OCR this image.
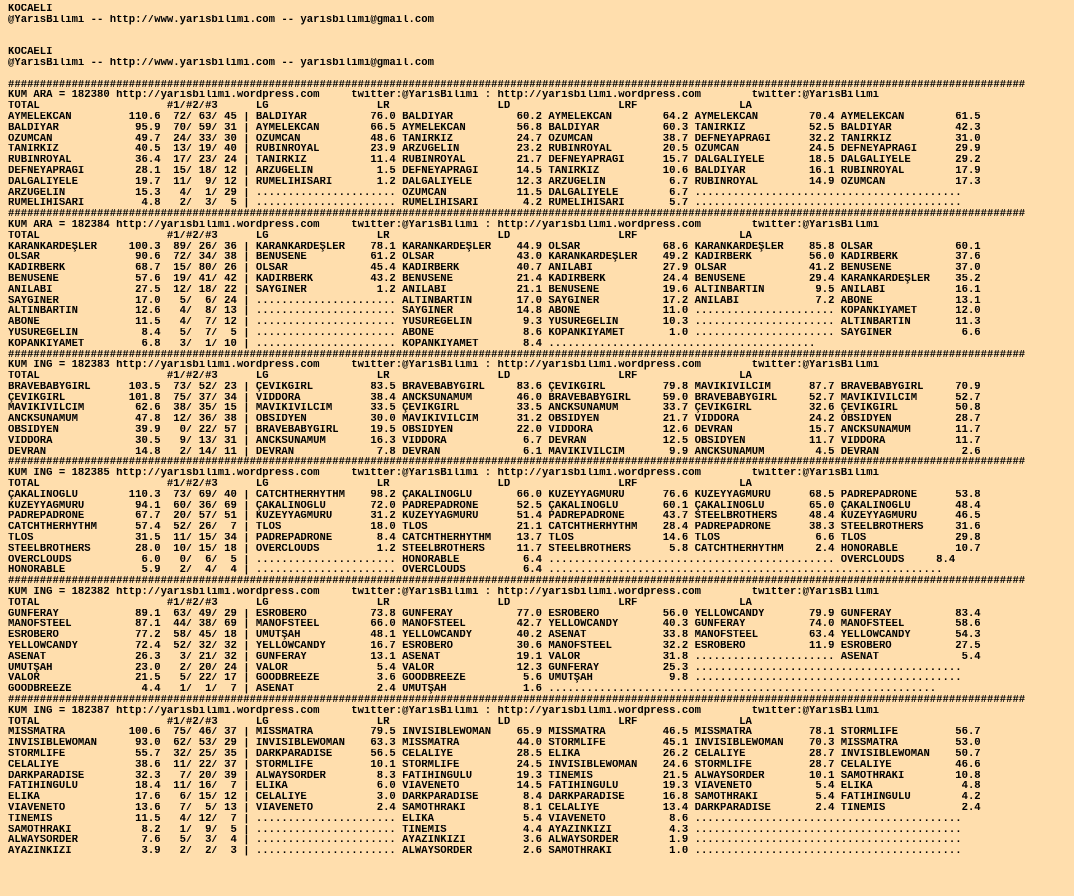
KOCAELI
@YarisBilimi -- http://www.yarisbilimi.com -- yarisbilimi@gmail.com
KOCAELI
@YarisBilimi -- http://www.yarisbilimi.com -- yarisbilimi@gmail.com
################################################################################################################################################################
KUM ARA = 182380 http://yarisbilimi.wordpress.com     twitter:@YarisBilimi : http://yarisbilimi.wordpress.com        twitter:@YarisBilimi
TOTAL                    #1/#2/#3      LG                 LR                 LD                 LRF                LA
AYMELEKCAN         110.6  72/ 63/ 45 | BALDİYAR          76.0 BALDİYAR          60.2 AYMELEKCAN        64.2 AYMELEKCAN        70.4 AYMELEKCAN        61.5
BALDİYAR            95.9  70/ 59/ 31 | AYMELEKCAN        66.5 AYMELEKCAN        56.8 BALDİYAR          60.3 TANIRKIZ          52.5 BALDİYAR          42.3
ÖZÜMCAN             49.7  24/ 33/ 30 | ÖZÜMCAN           48.6 TANIRKIZ          24.7 ÖZÜMCAN           38.7 DEFNEYAPRAĞI      32.2 TANIRKIZ          31.0
TANIRKIZ            40.5  13/ 19/ 40 | RUBINROYAL        23.9 ARZUGELİN         23.2 RUBINROYAL        20.5 ÖZÜMCAN           24.5 DEFNEYAPRAĞI      29.9
RUBINROYAL          36.4  17/ 23/ 24 | TANIRKIZ          11.4 RUBINROYAL        21.7 DEFNEYAPRAĞI      15.7 DALGALIYELE       18.5 DALGALIYELE       29.2
DEFNEYAPRAĞI        28.1  15/ 18/ 12 | ARZUGELİN          1.5 DEFNEYAPRAĞI      14.5 TANIRKIZ          10.6 BALDİYAR          16.1 RUBINROYAL        17.9
DALGALIYELE         19.7  11/  9/ 12 | RUMELIHISARI       1.2 DALGALIYELE       12.3 ARZUGELİN          6.7 RUBINROYAL        14.9 ÖZÜMCAN           17.3
ARZUGELİN           15.3   4/  1/ 29 | ...................... ÖZÜMCAN           11.5 DALGALIYELE        6.7 ..........................................
RUMELIHISARI         4.8   2/  3/  5 | ...................... RUMELIHISARI       4.2 RUMELIHISARI       5.7 ..........................................
################################################################################################################################################################
KUM ARA = 182384 http://yarisbilimi.wordpress.com     twitter:@YarisBilimi : http://yarisbilimi.wordpress.com        twitter:@YarisBilimi
TOTAL                    #1/#2/#3      LG                 LR                 LD                 LRF                LA
KARANKARDEŞLER     100.3  89/ 26/ 36 | KARANKARDEŞLER    78.1 KARANKARDEŞLER    44.9 OLSAR             68.6 KARANKARDEŞLER    85.8 OLSAR             60.1
OLSAR               90.6  72/ 34/ 38 | BENUSENE          61.2 OLSAR             43.0 KARANKARDEŞLER    49.2 KADİRBERK         56.0 KADİRBERK         37.6
KADİRBERK           68.7  15/ 80/ 26 | OLSAR             45.4 KADİRBERK         40.7 ANILABİ           27.9 OLSAR             41.2 BENUSENE          37.0
BENUSENE            57.6  19/ 41/ 42 | KADİRBERK         43.2 BENUSENE          21.4 KADİRBERK         24.4 BENUSENE          29.4 KARANKARDEŞLER    35.2
ANILABİ             27.5  12/ 18/ 22 | SAYGINER           1.2 ANILABİ           21.1 BENUSENE          19.6 ALTINBARTIN        9.5 ANILABİ           16.1
SAYGINER            17.0   5/  6/ 24 | ...................... ALTINBARTIN       17.0 SAYGINER          17.2 ANILABİ            7.2 ABONE             13.1
ALTINBARTIN         12.6   4/  8/ 13 | ...................... SAYGINER          14.8 ABONE             11.0 ...................... KOPANKIYAMET      12.0
ABONE               11.5   4/  7/ 12 | ...................... YUSUREGELİN        9.3 YUSUREGELİN       10.3 ...................... ALTINBARTIN       11.3
YUSUREGELİN          8.4   5/  7/  5 | ...................... ABONE              8.6 KOPANKIYAMET       1.0 ...................... SAYGINER           6.6
KOPANKIYAMET         6.8   3/  1/ 10 | ...................... KOPANKIYAMET       8.4 ..........................................
################################################################################################################################################################
KUM ING = 182383 http://yarisbilimi.wordpress.com     twitter:@YarisBilimi : http://yarisbilimi.wordpress.com        twitter:@YarisBilimi
TOTAL                    #1/#2/#3      LG                 LR                 LD                 LRF                LA
BRAVEBABYGIRL      103.5  73/ 52/ 23 | ÇEVİKGIRL         83.5 BRAVEBABYGIRL     83.6 ÇEVİKGIRL         79.8 MAVİKIVILCIM      87.7 BRAVEBABYGIRL     70.9
ÇEVİKGIRL          101.8  75/ 37/ 34 | VIDDORA           38.4 ANCKSUNAMUM       46.0 BRAVEBABYGIRL     59.0 BRAVEBABYGIRL     52.7 MAVİKIVILCIM      52.7
MAVİKIVILCIM        62.6  38/ 35/ 15 | MAVİKIVILCIM      33.5 ÇEVİKGIRL         33.5 ANCKSUNAMUM       33.7 ÇEVİKGIRL         32.6 ÇEVİKGIRL         50.8
ANCKSUNAMUM         47.8  12/ 36/ 38 | OBSİDYEN          30.0 MAVİKIVILCIM      31.2 OBSİDYEN          21.7 VIDDORA           24.2 OBSİDYEN          28.7
OBSİDYEN            39.9   0/ 22/ 57 | BRAVEBABYGIRL     19.5 OBSİDYEN          22.0 VIDDORA           12.6 DEVRAN            15.7 ANCKSUNAMUM       11.7
VIDDORA             30.5   9/ 13/ 31 | ANCKSUNAMUM       16.3 VIDDORA            6.7 DEVRAN            12.5 OBSİDYEN          11.7 VIDDORA           11.7
DEVRAN              14.8   2/ 14/ 11 | DEVRAN             7.8 DEVRAN             6.1 MAVİKIVILCIM       9.9 ANCKSUNAMUM        4.5 DEVRAN             2.6
################################################################################################################################################################
KUM ING = 182385 http://yarisbilimi.wordpress.com     twitter:@YarisBilimi : http://yarisbilimi.wordpress.com        twitter:@YarisBilimi
TOTAL                    #1/#2/#3      LG                 LR                 LD                 LRF                LA
ÇAKALINOĞLU        110.3  73/ 69/ 40 | CATCHTHERHYTHM    98.2 ÇAKALINOĞLU       66.0 KUZEYYAGMURU      76.6 KUZEYYAGMURU      68.5 PADREPADRONE      53.8
KUZEYYAGMURU        94.1  60/ 36/ 69 | ÇAKALINOĞLU       72.0 PADREPADRONE      52.5 ÇAKALINOĞLU       60.1 ÇAKALINOĞLU       65.0 ÇAKALINOĞLU       48.4
PADREPADRONE        67.7  20/ 57/ 51 | KUZEYYAGMURU      31.2 KUZEYYAGMURU      51.4 PADREPADRONE      43.7 STEELBROTHERS     48.4 KUZEYYAGMURU      46.5
CATCHTHERHYTHM      57.4  52/ 26/  7 | TLOS              18.0 TLOS              21.1 CATCHTHERHYTHM    28.4 PADREPADRONE      38.3 STEELBROTHERS     31.6
TLOS                31.5  11/ 15/ 34 | PADREPADRONE       8.4 CATCHTHERHYTHM    13.7 TLOS              14.6 TLOS               6.6 TLOS              29.8
STEELBROTHERS       28.0  10/ 15/ 18 | OVERCLOUDS         1.2 STEELBROTHERS     11.7 STEELBROTHERS      5.8 CATCHTHERHYTHM     2.4 HONORABLE         10.7
OVERCLOUDS           6.0   0/  6/  5 | ...................... HONORABLE          6.4 ............................................. OVERCLOUDS     8.4
HONORABLE            5.9   2/  4/  4 | ...................... OVERCLOUDS         6.4 ..............................................................
################################################################################################################################################################
KUM ING = 182382 http://yarisbilimi.wordpress.com     twitter:@YarisBilimi : http://yarisbilimi.wordpress.com        twitter:@YarisBilimi
TOTAL                    #1/#2/#3      LG                 LR                 LD                 LRF                LA
GUNFERAY            89.1  63/ 49/ 29 | ESROBERO          73.8 GUNFERAY          77.0 ESROBERO          56.0 YELLOWCANDY       79.9 GUNFERAY          83.4
MANOFSTEEL          87.1  44/ 38/ 69 | MANOFSTEEL        66.0 MANOFSTEEL        42.7 YELLOWCANDY       40.3 GUNFERAY          74.0 MANOFSTEEL        58.6
ESROBERO            77.2  58/ 45/ 18 | UMUTŞAH           48.1 YELLOWCANDY       40.2 ASENAT            33.8 MANOFSTEEL        63.4 YELLOWCANDY       54.3
YELLOWCANDY         72.4  52/ 32/ 32 | YELLOWCANDY       16.7 ESROBERO          30.6 MANOFSTEEL        32.2 ESROBERO          11.9 ESROBERO          27.5
ASENAT              26.3   3/ 21/ 32 | GUNFERAY          13.1 ASENAT            19.1 VALOR             31.8 ...................... ASENAT             5.4
UMUTŞAH             23.0   2/ 20/ 24 | VALOR              5.4 VALOR             12.3 GUNFERAY          25.3 ..........................................
VALOR               21.5   5/ 22/ 17 | GOODBREEZE         3.6 GOODBREEZE         5.6 UMUTŞAH            9.8 ..........................................
GOODBREEZE           4.4   1/  1/  7 | ASENAT             2.4 UMUTŞAH            1.6 .............................................................
################################################################################################################################################################
KUM ING = 182387 http://yarisbilimi.wordpress.com     twitter:@YarisBilimi : http://yarisbilimi.wordpress.com        twitter:@YarisBilimi
TOTAL                    #1/#2/#3      LG                 LR                 LD                 LRF                LA
MISSMATRA          100.6  75/ 46/ 37 | MISSMATRA         79.5 INVISIBLEWOMAN    65.9 MISSMATRA         46.5 MISSMATRA         78.1 STORMLIFE         56.7
INVISIBLEWOMAN      93.0  62/ 53/ 29 | INVISIBLEWOMAN    63.3 MISSMATRA         44.0 STORMLIFE         45.1 INVISIBLEWOMAN    70.3 MISSMATRA         53.0
STORMLIFE           55.7  32/ 25/ 35 | DARKPARADISE      56.5 CELALİYE          28.5 ELİKA             26.2 CELALİYE          28.7 INVISIBLEWOMAN    50.7
CELALİYE            38.6  11/ 22/ 37 | STORMLIFE         10.1 STORMLIFE         24.5 INVISIBLEWOMAN    24.6 STORMLIFE         28.7 CELALİYE          46.6
DARKPARADİSE        32.3   7/ 20/ 39 | ALWAYSORDER        8.3 FATİHİNGÜLÜ       19.3 TİNEMİS           21.5 ALWAYSORDER       10.1 SAMOTHRAKI        10.8
FATİHİNGÜLÜ         18.4  11/ 16/  7 | ELİKA              6.0 VIAVENETO         14.5 FATİHİNGÜLÜ       19.3 VIAVENETO          5.4 ELİKA              4.8
ELİKA               17.6   6/ 15/ 12 | CELALİYE           3.0 DARKPARADISE       8.4 DARKPARADISE      16.8 SAMOTHRAKI         5.4 FATİHİNGÜLÜ        4.2
VIAVENETO           13.6   7/  5/ 13 | VIAVENETO          2.4 SAMOTHRAKI         8.1 CELALİYE          13.4 DARKPARADISE       2.4 TİNEMİS            2.4
TİNEMİS             11.5   4/ 12/  7 | ...................... ELİKA              5.4 VIAVENETO          8.6 ..........................................
SAMOTHRAKI           8.2   1/  9/  5 | ...................... TİNEMİS            4.4 AYAZINKIZI         4.3 ..........................................
ALWAYSORDER          7.6   5/  3/  4 | ...................... AYAZINKIZI         3.6 ALWAYSORDER        1.9 ..........................................
AYAZINKIZI           3.9   2/  2/  3 | ...................... ALWAYSORDER        2.6 SAMOTHRAKI         1.0 ..........................................
